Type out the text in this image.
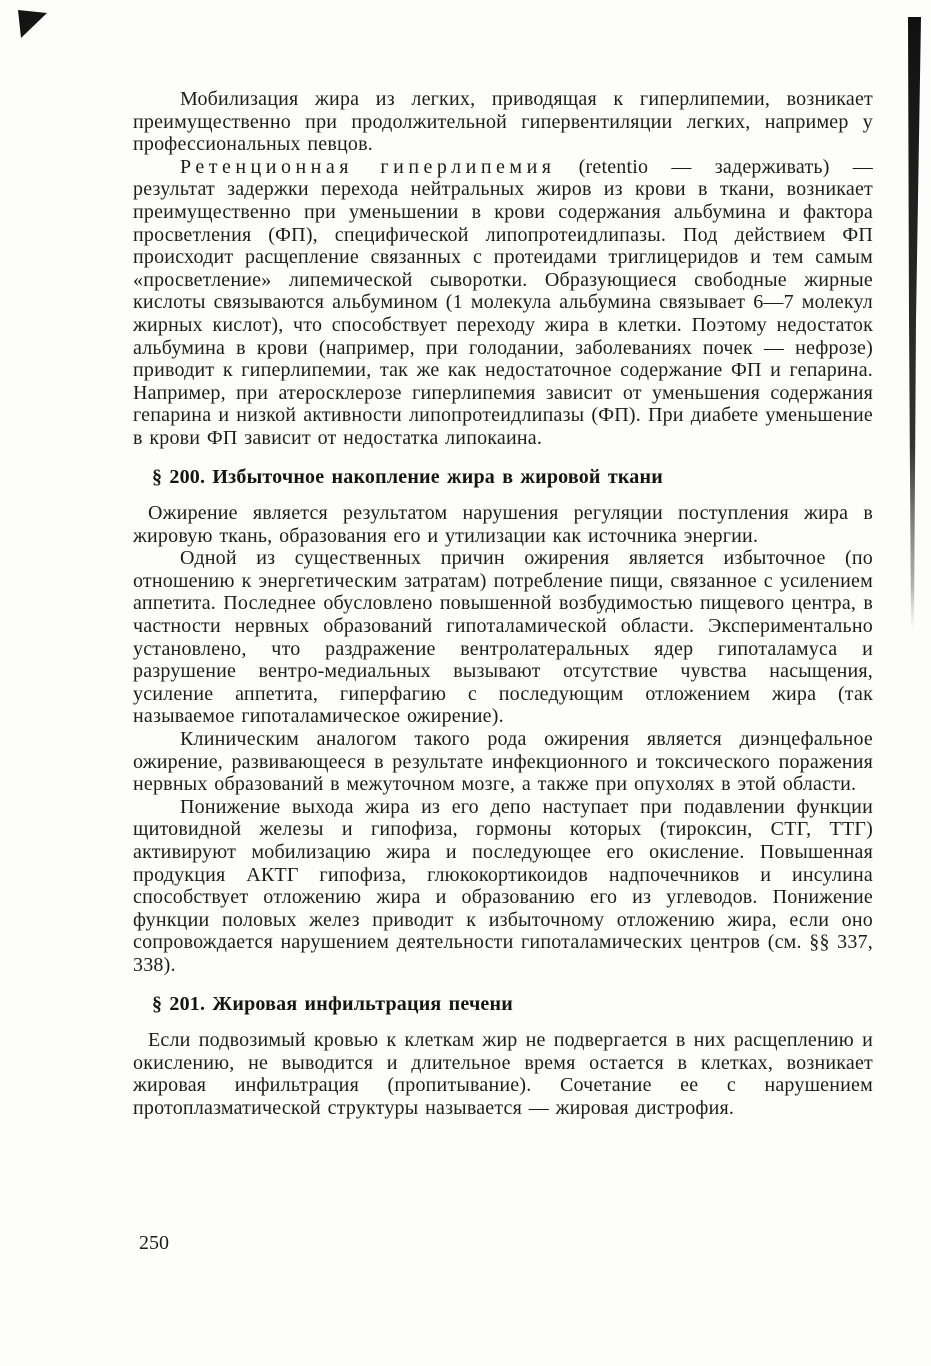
Мобилизация жира из легких, приводящая к гиперлипемии, возникает преимущественно при продолжительной гипервентиляции легких, например у профессиональных певцов.

Ретенционная гиперлипемия (retentio — задерживать) — результат задержки перехода нейтральных жиров из крови в ткани, возникает преимущественно при уменьшении в крови содержания альбумина и фактора просветления (ФП), специфической липопротеидлипазы. Под действием ФП происходит расщепление связанных с протеидами триглицеридов и тем самым «просветление» липемической сыворотки. Образующиеся свободные жирные кислоты связываются альбумином (1 молекула альбумина связывает 6—7 молекул жирных кислот), что способствует переходу жира в клетки. Поэтому недостаток альбумина в крови (например, при голодании, заболеваниях почек — нефрозе) приводит к гиперлипемии, так же как недостаточное содержание ФП и гепарина. Например, при атеросклерозе гиперлипемия зависит от уменьшения содержания гепарина и низкой активности липопротеидлипазы (ФП). При диабете уменьшение в крови ФП зависит от недостатка липокаина.

§ 200. Избыточное накопление жира в жировой ткани

Ожирение является результатом нарушения регуляции поступления жира в жировую ткань, образования его и утилизации как источника энергии.

Одной из существенных причин ожирения является избыточное (по отношению к энергетическим затратам) потребление пищи, связанное с усилением аппетита. Последнее обусловлено повышенной возбудимостью пищевого центра, в частности нервных образований гипоталамической области. Экспериментально установлено, что раздражение вентролатеральных ядер гипоталамуса и разрушение вентро-медиальных вызывают отсутствие чувства насыщения, усиление аппетита, гиперфагию с последующим отложением жира (так называемое гипоталамическое ожирение).

Клиническим аналогом такого рода ожирения является диэнцефальное ожирение, развивающееся в результате инфекционного и токсического поражения нервных образований в межуточном мозге, а также при опухолях в этой области.

Понижение выхода жира из его депо наступает при подавлении функции щитовидной железы и гипофиза, гормоны которых (тироксин, СТГ, ТТГ) активируют мобилизацию жира и последующее его окисление. Повышенная продукция АКТГ гипофиза, глюкокортикоидов надпочечников и инсулина способствует отложению жира и образованию его из углеводов. Понижение функции половых желез приводит к избыточному отложению жира, если оно сопровождается нарушением деятельности гипоталамических центров (см. §§ 337, 338).

§ 201. Жировая инфильтрация печени

Если подвозимый кровью к клеткам жир не подвергается в них расщеплению и окислению, не выводится и длительное время остается в клетках, возникает жировая инфильтрация (пропитывание). Сочетание ее с нарушением протоплазматической структуры называется — жировая дистрофия.

250
